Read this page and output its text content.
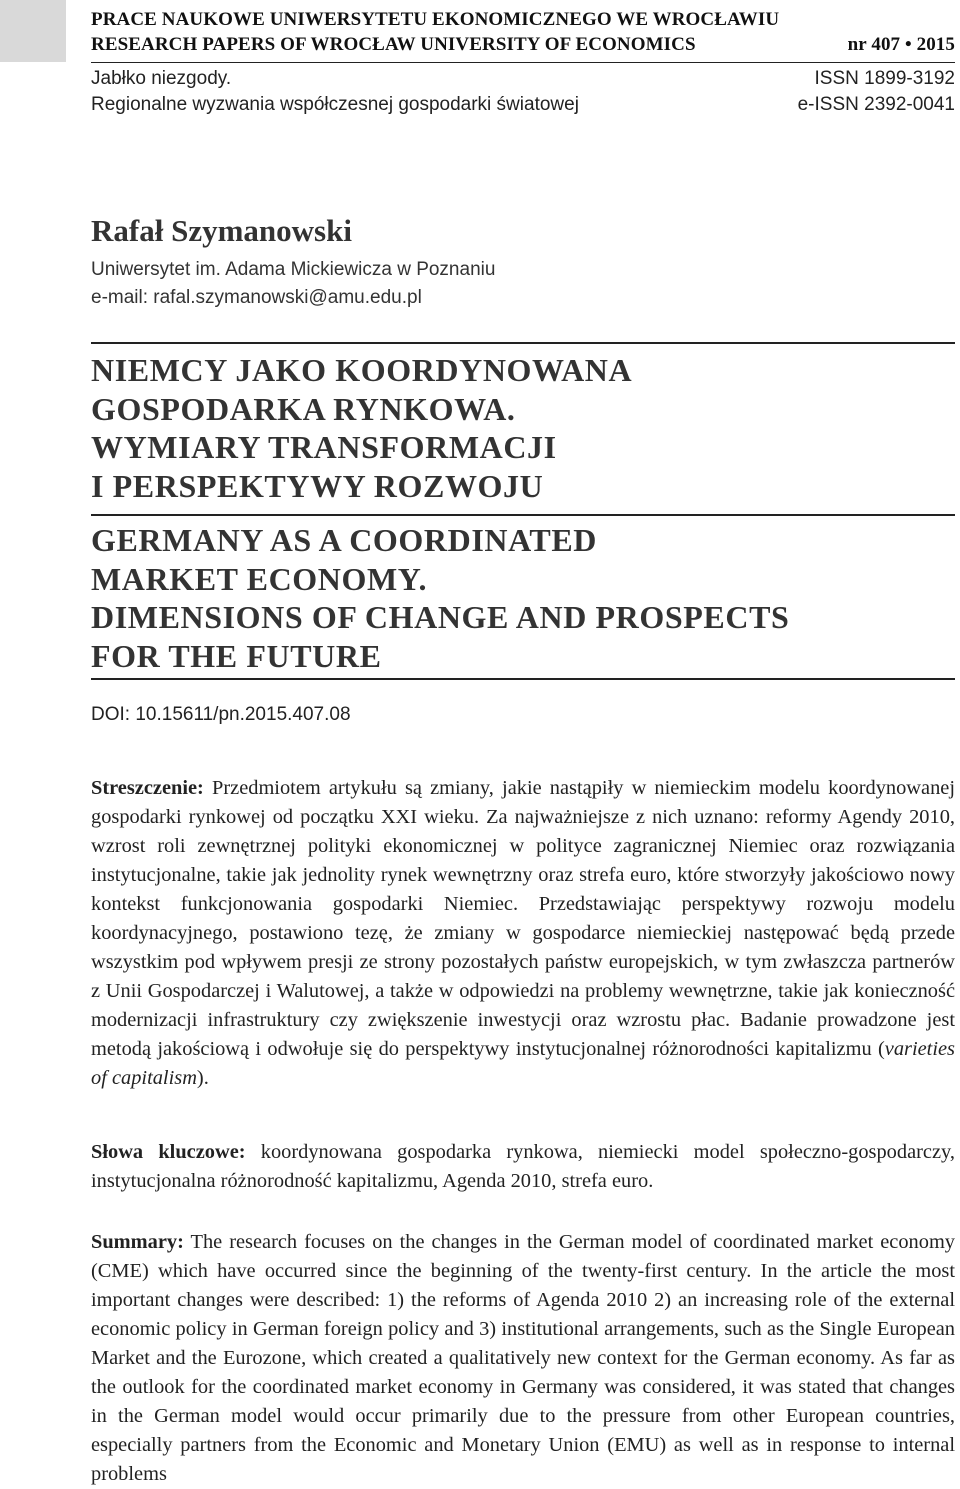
PRACE NAUKOWE UNIWERSYTETU EKONOMICZNEGO WE WROCŁAWIU
RESEARCH PAPERS OF WROCŁAW UNIVERSITY OF ECONOMICS	nr 407 • 2015
Jabłko niezgody.	ISSN 1899-3192
Regionalne wyzwania współczesnej gospodarki światowej	e-ISSN 2392-0041
Rafał Szymanowski
Uniwersytet im. Adama Mickiewicza w Poznaniu
e-mail: rafal.szymanowski@amu.edu.pl
NIEMCY JAKO KOORDYNOWANA
GOSPODARKA RYNKOWA.
WYMIARY TRANSFORMACJI
I PERSPEKTYWY ROZWOJU
GERMANY AS A COORDINATED
MARKET ECONOMY.
DIMENSIONS OF CHANGE AND PROSPECTS
FOR THE FUTURE
DOI: 10.15611/pn.2015.407.08
Streszczenie: Przedmiotem artykułu są zmiany, jakie nastąpiły w niemieckim modelu koordynowanej gospodarki rynkowej od początku XXI wieku. Za najważniejsze z nich uznano: reformy Agendy 2010, wzrost roli zewnętrznej polityki ekonomicznej w polityce zagranicznej Niemiec oraz rozwiązania instytucjonalne, takie jak jednolity rynek wewnętrzny oraz strefa euro, które stworzyły jakościowo nowy kontekst funkcjonowania gospodarki Niemiec. Przedstawiając perspektywy rozwoju modelu koordynacyjnego, postawiono tezę, że zmiany w gospodarce niemieckiej następować będą przede wszystkim pod wpływem presji ze strony pozostałych państw europejskich, w tym zwłaszcza partnerów z Unii Gospodarczej i Walutowej, a także w odpowiedzi na problemy wewnętrzne, takie jak konieczność modernizacji infrastruktury czy zwiększenie inwestycji oraz wzrostu płac. Badanie prowadzone jest metodą jakościową i odwołuje się do perspektywy instytucjonalnej różnorodności kapitalizmu (varieties of capitalism).
Słowa kluczowe: koordynowana gospodarka rynkowa, niemiecki model społeczno-gospodarczy, instytucjonalna różnorodność kapitalizmu, Agenda 2010, strefa euro.
Summary: The research focuses on the changes in the German model of coordinated market economy (CME) which have occurred since the beginning of the twenty-first century. In the article the most important changes were described: 1) the reforms of Agenda 2010 2) an increasing role of the external economic policy in German foreign policy and 3) institutional arrangements, such as the Single European Market and the Eurozone, which created a qualitatively new context for the German economy. As far as the outlook for the coordinated market economy in Germany was considered, it was stated that changes in the German model would occur primarily due to the pressure from other European countries, especially partners from the Economic and Monetary Union (EMU) as well as in response to internal problems
